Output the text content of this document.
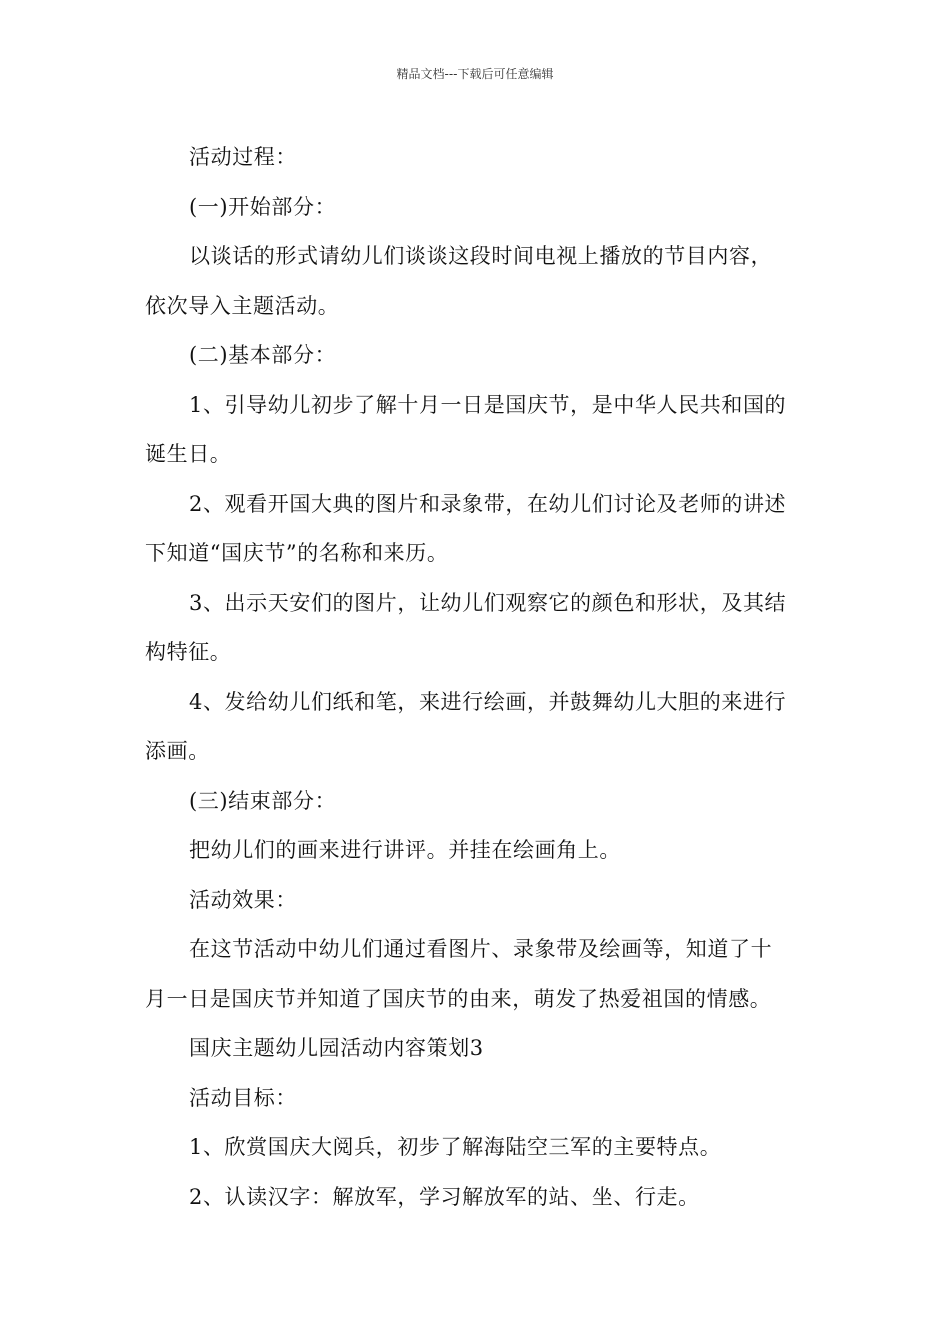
精品文档---下载后可任意编辑

活动过程：

(一)开始部分：

以谈话的形式请幼儿们谈谈这段时间电视上播放的节目内容，

依次导入主题活动。

(二)基本部分：

1、引导幼儿初步了解十月一日是国庆节，是中华人民共和国的

诞生日。

2、观看开国大典的图片和录象带，在幼儿们讨论及老师的讲述

下知道“国庆节”的名称和来历。

3、出示天安们的图片，让幼儿们观察它的颜色和形状，及其结

构特征。

4、发给幼儿们纸和笔，来进行绘画，并鼓舞幼儿大胆的来进行

添画。

(三)结束部分：

把幼儿们的画来进行讲评。并挂在绘画角上。

活动效果：

在这节活动中幼儿们通过看图片、录象带及绘画等，知道了十

月一日是国庆节并知道了国庆节的由来，萌发了热爱祖国的情感。

国庆主题幼儿园活动内容策划3

活动目标：

1、欣赏国庆大阅兵，初步了解海陆空三军的主要特点。

2、认读汉字：解放军，学习解放军的站、坐、行走。
